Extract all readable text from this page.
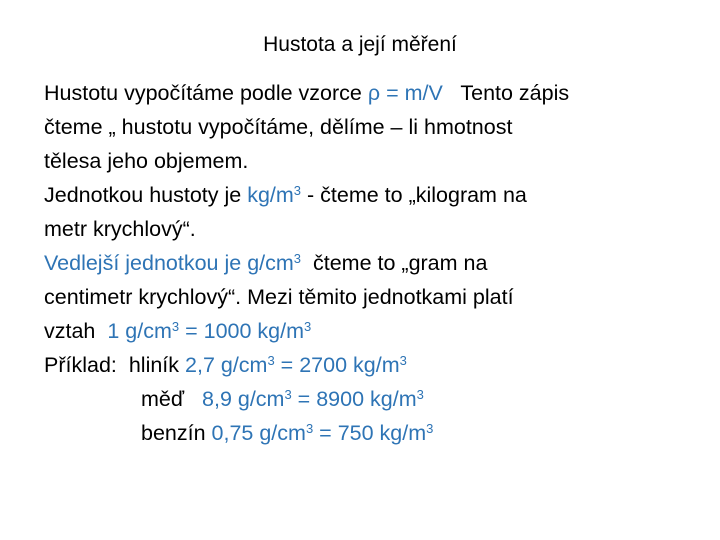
Hustota a její měření
Hustotu vypočítáme podle vzorce ρ = m/V   Tento zápis
čteme „ hustotu vypočítáme, dělíme – li hmotnost
tělesa jeho objemem.
Jednotkou hustoty je $kg/m^3$ - čteme to „kilogram na
metr krychlový“.
Vedlejší jednotkou je $g/cm^3$  čteme to „gram na
centimetr krychlový“. Mezi těmito jednotkami platí
vztah  1 $g/cm^3 = 1000$ $kg/m^3$
Příklad:  hliník 2,7 $g/cm^3 = 2700$ $kg/m^3$
měď   8,9 $g/cm^3 = 8900$ $kg/m^3$
benzín 0,75 $g/cm^3 = 750$ $kg/m^3$
